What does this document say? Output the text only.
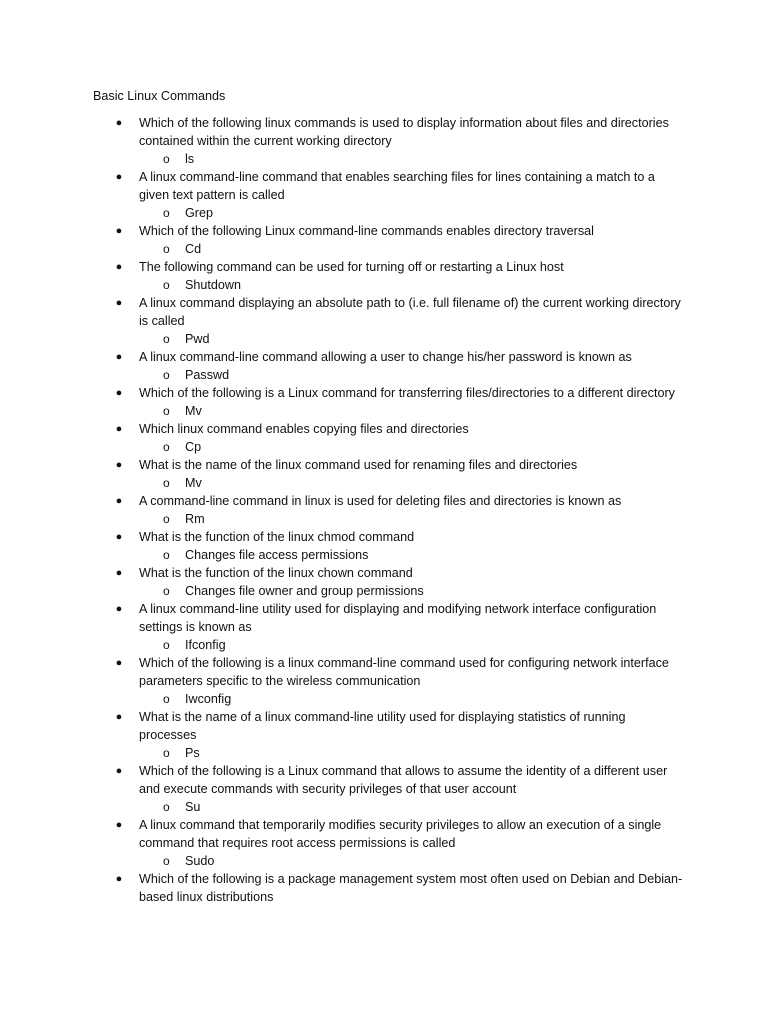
Basic Linux Commands
● Which of the following linux commands is used to display information about files and directories contained within the current working directory
o ls
● A linux command-line command that enables searching files for lines containing a match to a given text pattern is called
o Grep
● Which of the following Linux command-line commands enables directory traversal
o Cd
● The following command can be used for turning off or restarting a Linux host
o Shutdown
● A linux command displaying an absolute path to (i.e. full filename of) the current working directory is called
o Pwd
● A linux command-line command allowing a user to change his/her password is known as
o Passwd
● Which of the following is a Linux command for transferring files/directories to a different directory
o Mv
● Which linux command enables copying files and directories
o Cp
● What is the name of the linux command used for renaming files and directories
o Mv
● A command-line command in linux is used for deleting files and directories is known as
o Rm
● What is the function of the linux chmod command
o Changes file access permissions
● What is the function of the linux chown command
o Changes file owner and group permissions
● A linux command-line utility used for displaying and modifying network interface configuration settings is known as
o Ifconfig
● Which of the following is a linux command-line command used for configuring network interface parameters specific to the wireless communication
o Iwconfig
● What is the name of a linux command-line utility used for displaying statistics of running processes
o Ps
● Which of the following is a Linux command that allows to assume the identity of a different user and execute commands with security privileges of that user account
o Su
● A linux command that temporarily modifies security privileges to allow an execution of a single command that requires root access permissions is called
o Sudo
● Which of the following is a package management system most often used on Debian and Debian-based linux distributions
